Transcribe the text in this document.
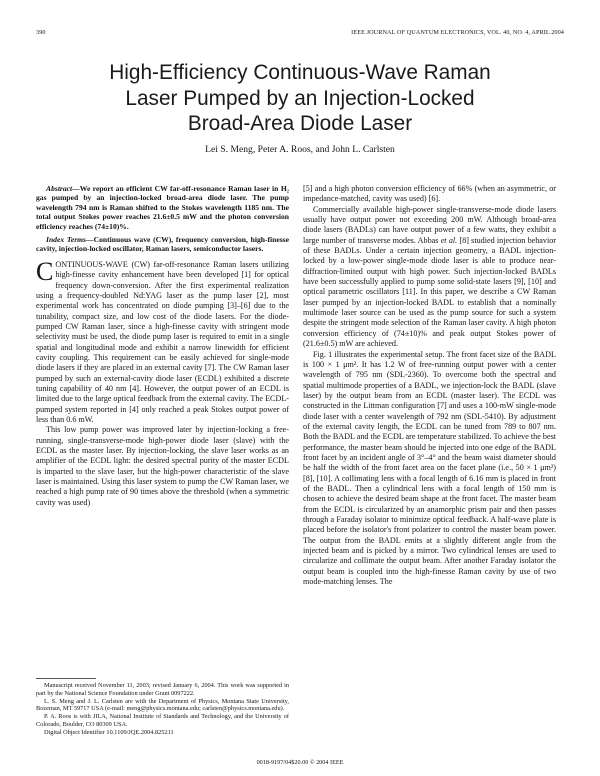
390	IEEE JOURNAL OF QUANTUM ELECTRONICS, VOL. 40, NO. 4, APRIL 2004
High-Efficiency Continuous-Wave Raman
Laser Pumped by an Injection-Locked
Broad-Area Diode Laser
Lei S. Meng, Peter A. Roos, and John L. Carlsten

Abstract—We report an efficient CW far-off-resonance Raman laser in H₂ gas pumped by an injection-locked broad-area diode laser. The pump wavelength 794 nm is Raman shifted to the Stokes wavelength 1185 nm. The total output Stokes power reaches 21.6±0.5 mW and the photon conversion efficiency reaches (74±10)%.

Index Terms—Continuous wave (CW), frequency conversion, high-finesse cavity, injection-locked oscillator, Raman lasers, semiconductor lasers.

CONTINUOUS-WAVE (CW) far-off-resonance Raman lasers utilizing high-finesse cavity enhancement have been developed [1] for optical frequency down-conversion. After the first experimental realization using a frequency-doubled Nd:YAG laser as the pump laser [2], most experimental work has concentrated on diode pumping [3]–[6] due to the tunability, compact size, and low cost of the diode lasers. For the diode-pumped CW Raman laser, since a high-finesse cavity with stringent mode selectivity must be used, the diode pump laser is required to emit in a single spatial and longitudinal mode and exhibit a narrow linewidth for efficient cavity coupling. This requirement can be easily achieved for single-mode diode lasers if they are placed in an external cavity [7]. The CW Raman laser pumped by such an external-cavity diode laser (ECDL) exhibited a discrete tuning capability of 40 nm [4]. However, the output power of an ECDL is limited due to the large optical feedback from the external cavity. The ECDL-pumped system reported in [4] only reached a peak Stokes output power of less than 0.6 mW.

This low pump power was improved later by injection-locking a free-running, single-transverse-mode high-power diode laser (slave) with the ECDL as the master laser. By injection-locking, the slave laser works as an amplifier of the ECDL light: the desired spectral purity of the master ECDL is imparted to the slave laser, but the high-power characteristic of the slave laser is maintained. Using this laser system to pump the CW Raman laser, we reached a high pump rate of 90 times above the threshold (when a symmetric cavity was used)

Manuscript received November 11, 2003; revised January 6, 2004. This work was supported in part by the National Science Foundation under Grant 0097222.

L. S. Meng and J. L. Carlsten are with the Department of Physics, Montana State University, Bozeman, MT 59717 USA (e-mail: meng@physics.montana.edu; carlsten@physics.montana.edu).

P. A. Roos is with JILA, National Institute of Standards and Technology, and the University of Colorado, Boulder, CO 80309 USA.

Digital Object Identifier 10.1109/JQE.2004.825211

[5] and a high photon conversion efficiency of 66% (when an asymmetric, or impedance-matched, cavity was used) [6].

Commercially available high-power single-transverse-mode diode lasers usually have output power not exceeding 200 mW. Although broad-area diode lasers (BADLs) can have output power of a few watts, they exhibit a large number of transverse modes. Abbas et al. [8] studied injection behavior of these BADLs. Under a certain injection geometry, a BADL injection-locked by a low-power single-mode diode laser is able to produce near-diffraction-limited output with high power. Such injection-locked BADLs have been successfully applied to pump some solid-state lasers [9], [10] and optical parametric oscillators [11]. In this paper, we describe a CW Raman laser pumped by an injection-locked BADL to establish that a nominally multimode laser source can be used as the pump source for such a system despite the stringent mode selection of the Raman laser cavity. A high photon conversion efficiency of (74±10)% and peak output Stokes power of (21.6±0.5) mW are achieved.

Fig. 1 illustrates the experimental setup. The front facet size of the BADL is 100 × 1 μm². It has 1.2 W of free-running output power with a center wavelength of 795 nm (SDL-2360). To overcome both the spectral and spatial multimode properties of a BADL, we injection-lock the BADL (slave laser) by the output beam from an ECDL (master laser). The ECDL was constructed in the Littman configuration [7] and uses a 100-mW single-mode diode laser with a center wavelength of 792 nm (SDL-5410). By adjustment of the external cavity length, the ECDL can be tuned from 789 to 807 nm. Both the BADL and the ECDL are temperature stabilized. To achieve the best performance, the master beam should be injected into one edge of the BADL front facet by an incident angle of 3°–4° and the beam waist diameter should be half the width of the front facet area on the facet plane (i.e., 50 × 1 μm²) [8], [10]. A collimating lens with a focal length of 6.16 mm is placed in front of the BADL. Then a cylindrical lens with a focal length of 150 mm is chosen to achieve the desired beam shape at the front facet. The master beam from the ECDL is circularized by an anamorphic prism pair and then passes through a Faraday isolator to minimize optical feedback. A half-wave plate is placed before the isolator's front polarizer to control the master beam power. The output from the BADL emits at a slightly different angle from the injected beam and is picked by a mirror. Two cylindrical lenses are used to circularize and collimate the output beam. After another Faraday isolator the output beam is coupled into the high-finesse Raman cavity by use of two mode-matching lenses. The

0018-9197/04$20.00 © 2004 IEEE
